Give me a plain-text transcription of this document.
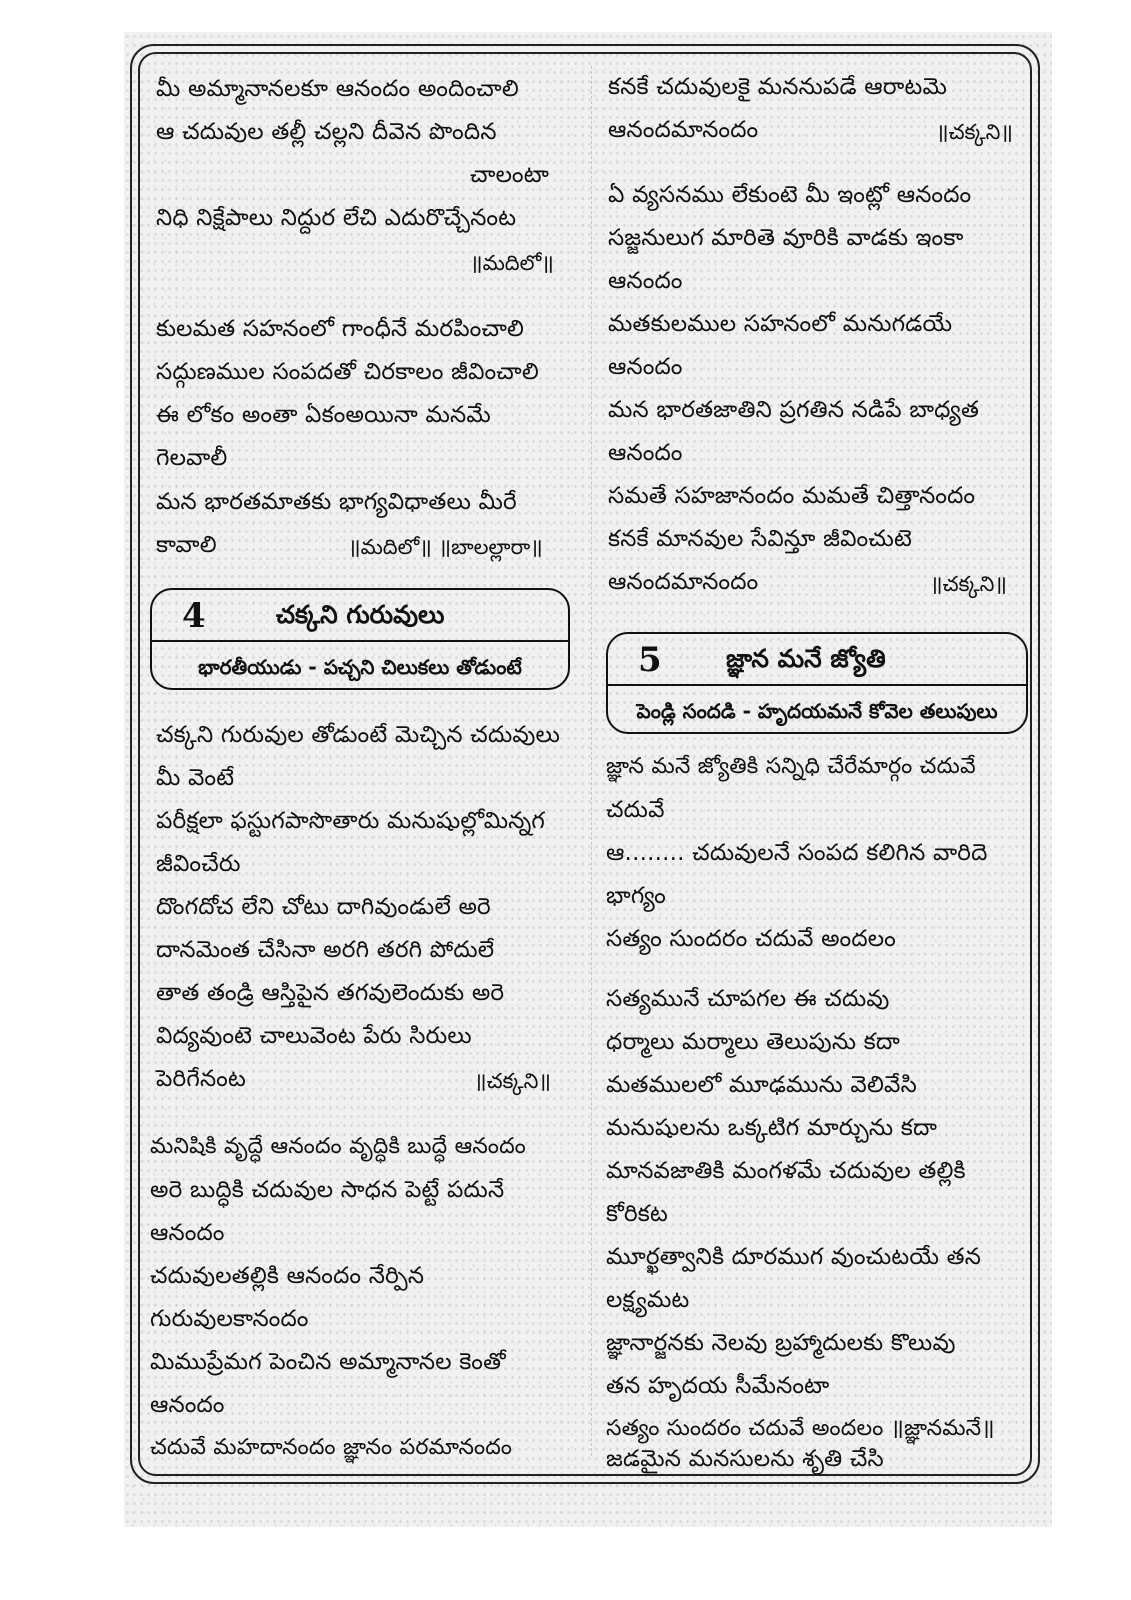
మీ అమ్మానానలకూ ఆనందం అందించాలి
ఆ చదువుల తల్లీ చల్లని దీవెన పొందిన
చాలంటా
నిధి నిక్షేపాలు నిద్దుర లేచి ఎదురొచ్చేనంట
॥మదిలో॥
కులమత సహనంలో గాంధీనే మరపించాలి
సద్గుణముల సంపదతో చిరకాలం జీవించాలి
ఈ లోకం అంతా ఏకంఅయినా మనమే
గెలవాలీ
మన భారతమాతకు భాగ్యవిధాతలు మీరే
కావాలి	॥మదిలో॥ ॥బాలల్లారా॥
4	చక్కని గురువులు
భారతీయుడు - పచ్చని చిలుకలు తోడుంటే
చక్కని గురువుల తోడుంటే మెచ్చిన చదువులు
మీ వెంటే
పరీక్షలా ఫస్టుగపాసొతారు మనుషుల్లోమిన్నగ
జీవించేరు
దొంగదోచ లేని చోటు దాగివుండులే అరె
దానమెంత చేసినా అరగి తరగి పోదులే
తాత తండ్రి ఆస్తిపైన తగవులెందుకు అరె
విద్యవుంటె చాలువెంట పేరు సిరులు
పెరిగేనంట	॥చక్కని॥
మనిషికి వృద్ధే ఆనందం వృద్ధికి బుద్ధే ఆనందం
అరె బుద్ధికి చదువుల సాధన పెట్టే పదునే
ఆనందం
చదువులతల్లికి ఆనందం నేర్పిన
గురువులకానందం
మిముప్రేమగ పెంచిన అమ్మానానల కెంతో
ఆనందం
చదువే మహదానందం జ్ఞానం పరమానందం
కనకే చదువులకై మననుపడే ఆరాటమె
ఆనందమానందం	॥చక్కని॥
ఏ వ్యసనము లేకుంటె మీ ఇంట్లో ఆనందం
సజ్జనులుగ మారితె వూరికి వాడకు ఇంకా
ఆనందం
మతకులముల సహనంలో మనుగడయే
ఆనందం
మన భారతజాతిని ప్రగతిన నడిపే బాధ్యత
ఆనందం
సమతే సహజానందం మమతే చిత్తానందం
కనకే మానవుల సేవిన్తూ జీవించుటె
ఆనందమానందం	॥చక్కని॥
5	జ్ఞాన మనే జ్యోతి
పెండ్లి సందడి - హృదయమనే కోవెల తలుపులు
జ్ఞాన మనే జ్యోతికి సన్నిధి చేరేమార్గం చదువే
చదువే
ఆ........ చదువులనే సంపద కలిగిన వారిదె
భాగ్యం
సత్యం సుందరం చదువే అందలం
సత్యమునే చూపగల ఈ చదువు
ధర్మాలు మర్మాలు తెలుపును కదా
మతములలో మూఢమును వెలివేసి
మనుషులను ఒక్కటిగ మార్చును కదా
మానవజాతికి మంగళమే చదువుల తల్లికి
కోరికట
మూర్ఖత్వానికి దూరముగ వుంచుటయే తన
లక్ష్యమట
జ్ఞానార్జనకు నెలవు బ్రహ్మాదులకు కొలువు
తన హృదయ సీమేనంటా
సత్యం సుందరం చదువే అందలం ॥జ్ఞానమనే॥
జడమైన మనసులను శృతి చేసి
